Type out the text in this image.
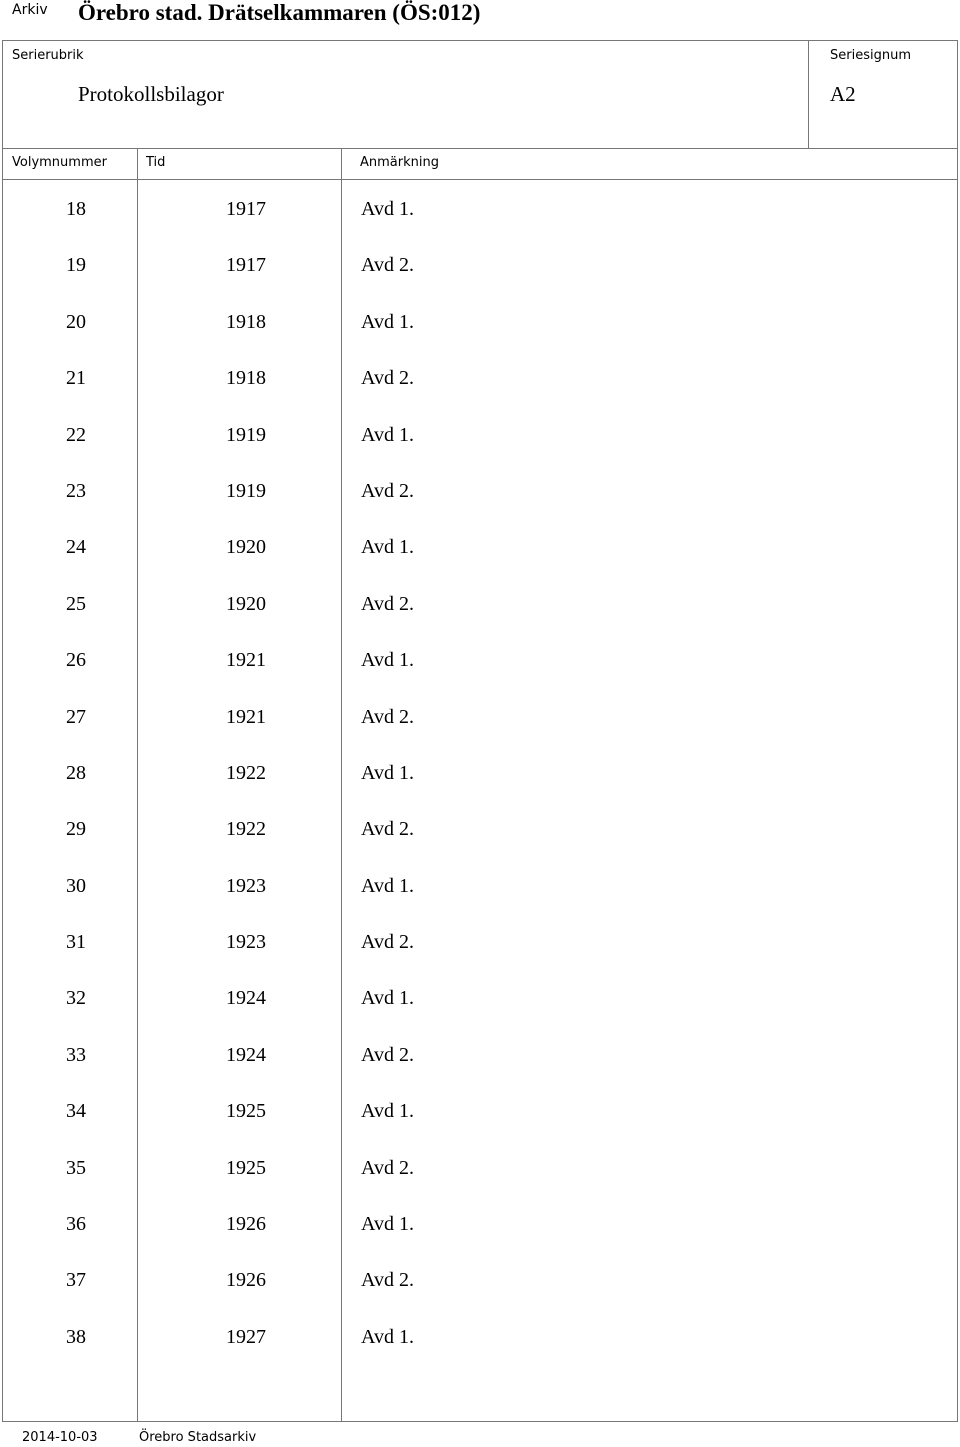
Arkiv Örebro stad. Drätselkammaren (ÖS:012)
Serierubrik
Protokollsbilagor
Seriesignum
A2
Volymnummer	Tid	Anmärkning
18	1917	Avd 1.
19	1917	Avd 2.
20	1918	Avd 1.
21	1918	Avd 2.
22	1919	Avd 1.
23	1919	Avd 2.
24	1920	Avd 1.
25	1920	Avd 2.
26	1921	Avd 1.
27	1921	Avd 2.
28	1922	Avd 1.
29	1922	Avd 2.
30	1923	Avd 1.
31	1923	Avd 2.
32	1924	Avd 1.
33	1924	Avd 2.
34	1925	Avd 1.
35	1925	Avd 2.
36	1926	Avd 1.
37	1926	Avd 2.
38	1927	Avd 1.
2014-10-03	Örebro Stadsarkiv
